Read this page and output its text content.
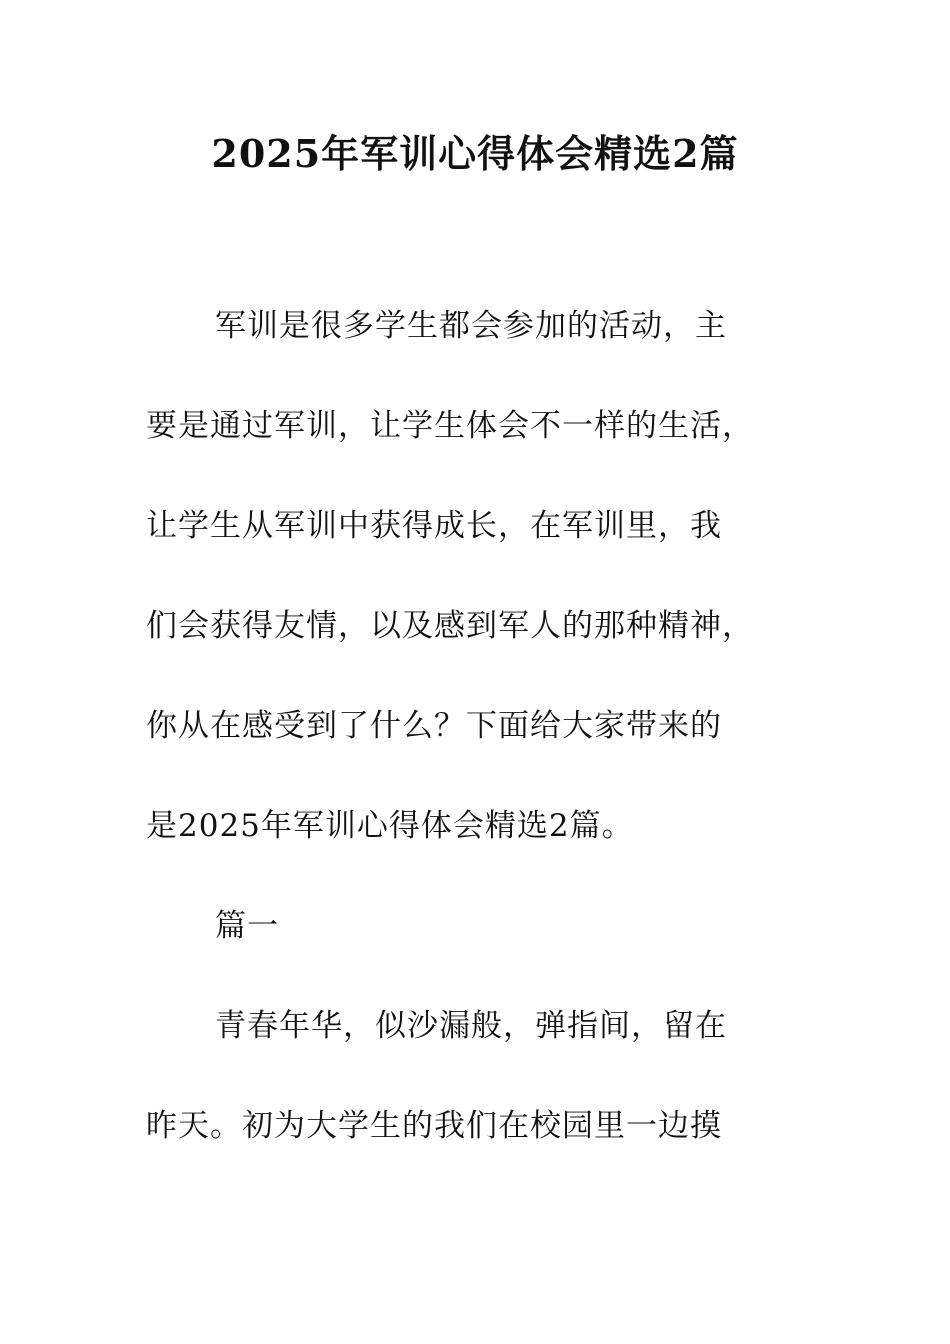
2025年军训心得体会精选2篇
军训是很多学生都会参加的活动，主
要是通过军训，让学生体会不一样的生活，
让学生从军训中获得成长，在军训里，我
们会获得友情，以及感到军人的那种精神，
你从在感受到了什么？下面给大家带来的
是2025年军训心得体会精选2篇。
篇一
青春年华，似沙漏般，弹指间，留在
昨天。初为大学生的我们在校园里一边摸
